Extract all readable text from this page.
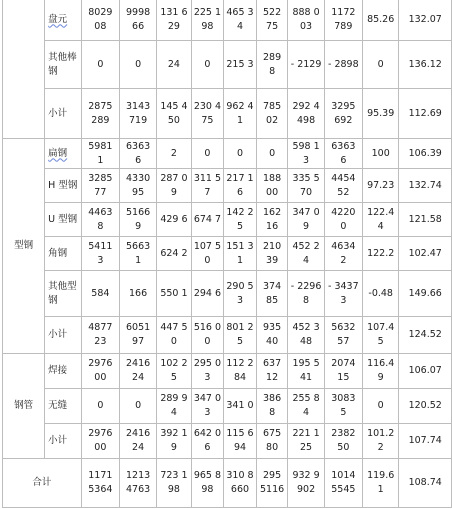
	盘元	8029 08	9998 66	131 629	225 198	465 34	522 75	888 003	1172 789	85.26	132.07
	其他棒钢	0	0	24	0	215 3	289 8	- 2129	- 2898	0	136.12
	小计	2875 289	3143 719	145 450	230 475	962 41	785 02	292 4498	3295 692	95.39	112.69
型钢	扁钢	5981 1	6363 6	2	0	0	0	598 13	6363 6	100	106.39
	H 型钢	3285 77	4330 95	287 09	311 57	217 16	188 00	335 570	4454 52	97.23	132.74
	U 型钢	4463 8	5166 9	429 6	674 7	142 25	162 16	347 09	4220 0	122.4 4	121.58
	角钢	5411 3	5663 1	624 2	107 50	151 31	210 39	452 24	4634 2	122.2	102.47
	其他型钢	584	166	550 1	294 6	290 53	374 85	- 22968	- 3437 3	-0.48	149.66
	小计	4877 23	6051 97	447 50	516 00	801 25	935 40	452 348	5632 57	107.4 5	124.52
钢管	焊接	2976 00	2416 24	102 25	295 03	112 284	637 12	195 541	2074 15	116.4 9	106.07
	无缝	0	0	289 94	347 03	341 0	386 8	255 84	3083 5	0	120.52
	小计	2976 00	2416 24	392 19	642 06	115 694	675 80	221 125	2382 50	101.2 2	107.74
合计		1171 5364	1213 4763	723 198	965 898	310 8660	295 5116	932 9902	1014 5545	119.6 1	108.74
